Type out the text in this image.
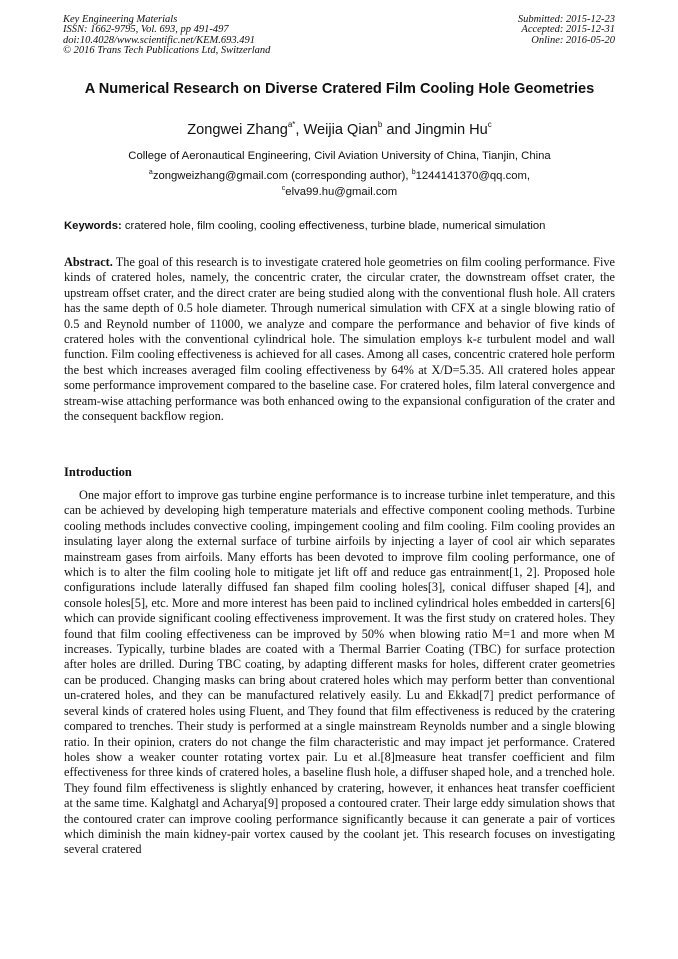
Key Engineering Materials
ISSN: 1662-9795, Vol. 693, pp 491-497
doi:10.4028/www.scientific.net/KEM.693.491
© 2016 Trans Tech Publications Ltd, Switzerland
Submitted: 2015-12-23
Accepted: 2015-12-31
Online: 2016-05-20
A Numerical Research on Diverse Cratered Film Cooling Hole Geometries
Zongwei Zhang$^{a*}$, Weijia Qian$^b$ and Jingmin Hu$^c$
College of Aeronautical Engineering, Civil Aviation University of China, Tianjin, China
$^a$zongweizhang@gmail.com (corresponding author), $^b$1244141370@qq.com,
$^c$elva99.hu@gmail.com
Keywords: cratered hole, film cooling, cooling effectiveness, turbine blade, numerical simulation
Abstract. The goal of this research is to investigate cratered hole geometries on film cooling performance. Five kinds of cratered holes, namely, the concentric crater, the circular crater, the downstream offset crater, the upstream offset crater, and the direct crater are being studied along with the conventional flush hole. All craters has the same depth of 0.5 hole diameter. Through numerical simulation with CFX at a single blowing ratio of 0.5 and Reynold number of 11000, we analyze and compare the performance and behavior of five kinds of cratered holes with the conventional cylindrical hole. The simulation employs k-ε turbulent model and wall function. Film cooling effectiveness is achieved for all cases. Among all cases, concentric cratered hole perform the best which increases averaged film cooling effectiveness by 64% at X/D=5.35. All cratered holes appear some performance improvement compared to the baseline case. For cratered holes, film lateral convergence and stream-wise attaching performance was both enhanced owing to the expansional configuration of the crater and the consequent backflow region.
Introduction
One major effort to improve gas turbine engine performance is to increase turbine inlet temperature, and this can be achieved by developing high temperature materials and effective component cooling methods. Turbine cooling methods includes convective cooling, impingement cooling and film cooling. Film cooling provides an insulating layer along the external surface of turbine airfoils by injecting a layer of cool air which separates mainstream gases from airfoils. Many efforts has been devoted to improve film cooling performance, one of which is to alter the film cooling hole to mitigate jet lift off and reduce gas entrainment[1, 2]. Proposed hole configurations include laterally diffused fan shaped film cooling holes[3], conical diffuser shaped [4], and console holes[5], etc. More and more interest has been paid to inclined cylindrical holes embedded in carters[6] which can provide significant cooling effectiveness improvement. It was the first study on cratered holes. They found that film cooling effectiveness can be improved by 50% when blowing ratio M=1 and more when M increases. Typically, turbine blades are coated with a Thermal Barrier Coating (TBC) for surface protection after holes are drilled. During TBC coating, by adapting different masks for holes, different crater geometries can be produced. Changing masks can bring about cratered holes which may perform better than conventional un-cratered holes, and they can be manufactured relatively easily. Lu and Ekkad[7] predict performance of several kinds of cratered holes using Fluent, and They found that film effectiveness is reduced by the cratering compared to trenches. Their study is performed at a single mainstream Reynolds number and a single blowing ratio. In their opinion, craters do not change the film characteristic and may impact jet performance. Cratered holes show a weaker counter rotating vortex pair. Lu et al.[8]measure heat transfer coefficient and film effectiveness for three kinds of cratered holes, a baseline flush hole, a diffuser shaped hole, and a trenched hole. They found film effectiveness is slightly enhanced by cratering, however, it enhances heat transfer coefficient at the same time. Kalghatgl and Acharya[9] proposed a contoured crater. Their large eddy simulation shows that the contoured crater can improve cooling performance significantly because it can generate a pair of vortices which diminish the main kidney-pair vortex caused by the coolant jet. This research focuses on investigating several cratered
